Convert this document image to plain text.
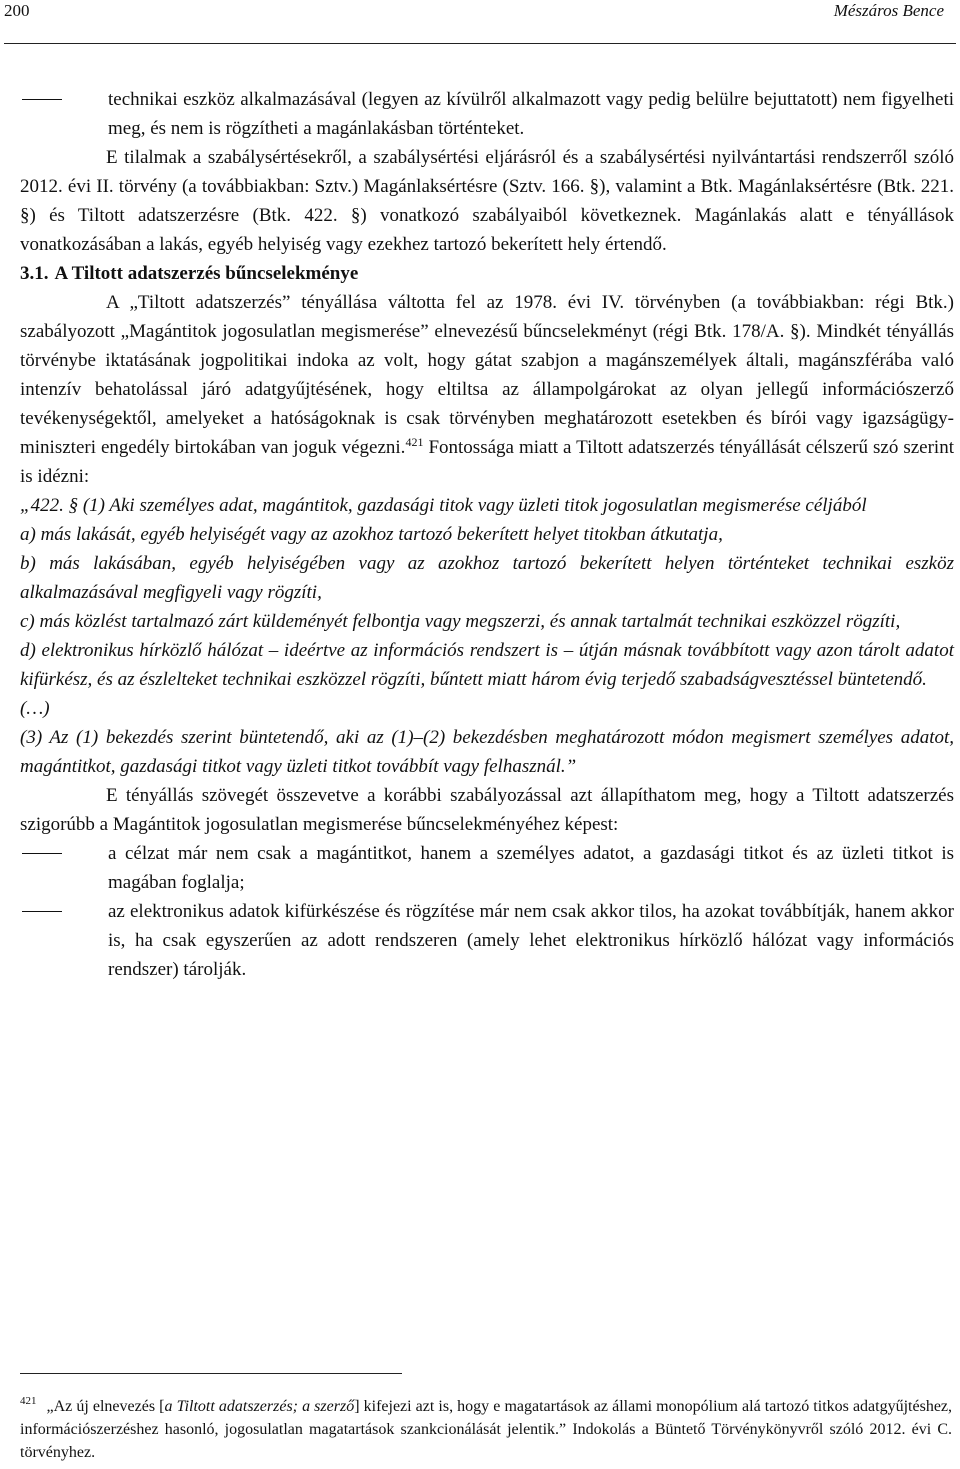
200	Mészáros Bence

technikai eszköz alkalmazásával (legyen az kívülről alkalmazott vagy pedig belülre bejuttatott) nem figyelheti meg, és nem is rögzítheti a magánlakásban történteket.

E tilalmak a szabálysértésekről, a szabálysértési eljárásról és a szabálysértési nyilvántartási rendszerről szóló 2012. évi II. törvény (a továbbiakban: Sztv.) Magánlaksértésre (Sztv. 166. §), valamint a Btk. Magánlaksértésre (Btk. 221. §) és Tiltott adatszerzésre (Btk. 422. §) vonatkozó szabályaiból következnek. Magánlakás alatt e tényállások vonatkozásában a lakás, egyéb helyiség vagy ezekhez tartozó bekerített hely értendő.

3.1. A Tiltott adatszerzés bűncselekménye

A „Tiltott adatszerzés” tényállása váltotta fel az 1978. évi IV. törvényben (a továbbiakban: régi Btk.) szabályozott „Magántitok jogosulatlan megismerése” elnevezésű bűncselekményt (régi Btk. 178/A. §). Mindkét tényállás törvénybe iktatásának jogpolitikai indoka az volt, hogy gátat szabjon a magánszemélyek általi, magánszférába való intenzív behatolással járó adatgyűjtésének, hogy eltiltsa az állampolgárokat az olyan jellegű információszerző tevékenységektől, amelyeket a hatóságoknak is csak törvényben meghatározott esetekben és bírói vagy igazságügy-miniszteri engedély birtokában van joguk végezni.$^{421}$ Fontossága miatt a Tiltott adatszerzés tényállását célszerű szó szerint is idézni:

„422. § (1) Aki személyes adat, magántitok, gazdasági titok vagy üzleti titok jogosulatlan megismerése céljából

a) más lakását, egyéb helyiségét vagy az azokhoz tartozó bekerített helyet titokban átkutatja,

b) más lakásában, egyéb helyiségében vagy az azokhoz tartozó bekerített helyen történteket technikai eszköz alkalmazásával megfigyeli vagy rögzíti,

c) más közlést tartalmazó zárt küldeményét felbontja vagy megszerzi, és annak tartalmát technikai eszközzel rögzíti,

d) elektronikus hírközlő hálózat – ideértve az információs rendszert is – útján másnak továbbított vagy azon tárolt adatot kifürkész, és az észlelteket technikai eszközzel rögzíti, bűntett miatt három évig terjedő szabadságvesztéssel büntetendő.

(…)

(3) Az (1) bekezdés szerint büntetendő, aki az (1)–(2) bekezdésben meghatározott módon megismert személyes adatot, magántitkot, gazdasági titkot vagy üzleti titkot továbbít vagy felhasznál.”

E tényállás szövegét összevetve a korábbi szabályozással azt állapíthatom meg, hogy a Tiltott adatszerzés szigorúbb a Magántitok jogosulatlan megismerése bűncselekményéhez képest:

a célzat már nem csak a magántitkot, hanem a személyes adatot, a gazdasági titkot és az üzleti titkot is magában foglalja;

az elektronikus adatok kifürkészése és rögzítése már nem csak akkor tilos, ha azokat továbbítják, hanem akkor is, ha csak egyszerűen az adott rendszeren (amely lehet elektronikus hírközlő hálózat vagy információs rendszer) tárolják.

$^{421}$ „Az új elnevezés [a Tiltott adatszerzés; a szerző] kifejezi azt is, hogy e magatartások az állami monopólium alá tartozó titkos adatgyűjtéshez, információszerzéshez hasonló, jogosulatlan magatartások szankcionálását jelentik.” Indokolás a Büntető Törvénykönyvről szóló 2012. évi C. törvényhez.
